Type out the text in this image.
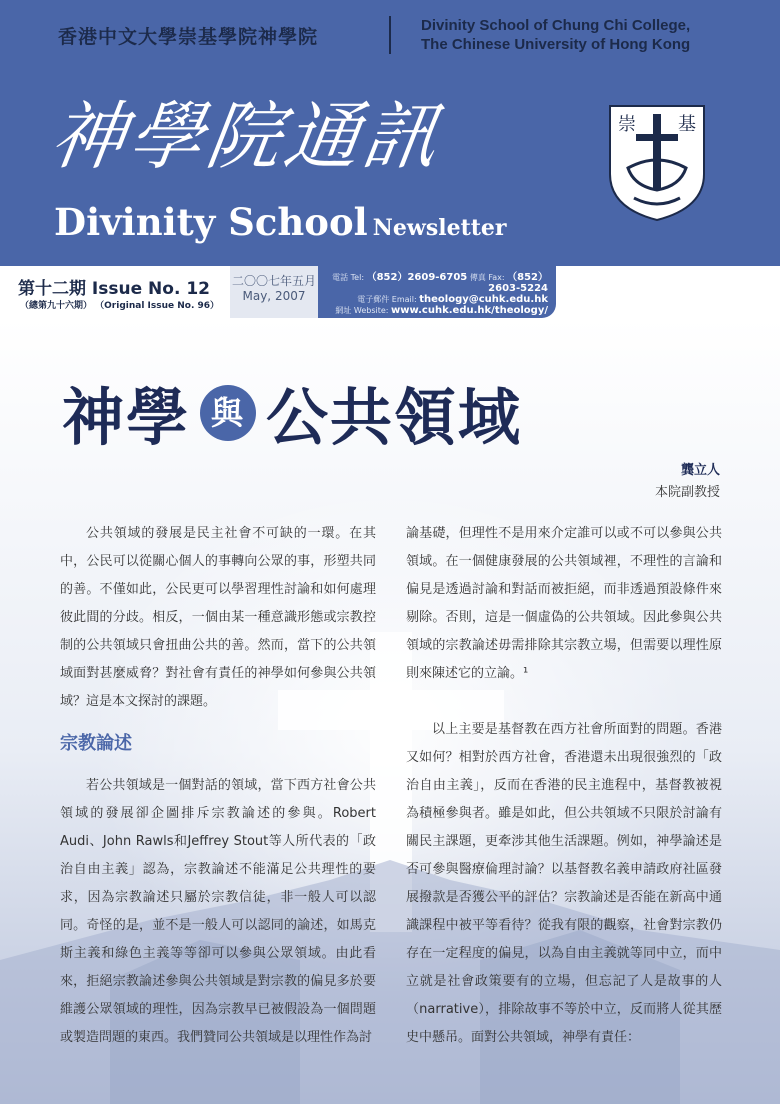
香港中文大學崇基學院神學院
Divinity School of Chung Chi College,
The Chinese University of Hong Kong
神學院通訊
Divinity School Newsletter
崇 基
第十二期 Issue No. 12
（總第九十六期） （Original Issue No. 96）
二〇〇七年五月
May, 2007
電話 Tel: （852）2609-6705 傳真 Fax: （852）2603-5224
電子郵件 Email: theology@cuhk.edu.hk
網址 Website: www.cuhk.edu.hk/theology/
神學 與 公共領域
龔立人
本院副教授

公共領域的發展是民主社會不可缺的一環。在其中，公民可以從關心個人的事轉向公眾的事，形塑共同的善。不僅如此，公民更可以學習理性討論和如何處理彼此間的分歧。相反，一個由某一種意識形態或宗教控制的公共領域只會扭曲公共的善。然而，當下的公共領域面對甚麼威脅？對社會有責任的神學如何參與公共領域？這是本文探討的課題。

宗教論述

若公共領域是一個對話的領域，當下西方社會公共領域的發展卻企圖排斥宗教論述的參與。Robert Audi、John Rawls和Jeffrey Stout等人所代表的「政治自由主義」認為，宗教論述不能滿足公共理性的要求，因為宗教論述只屬於宗教信徒，非一般人可以認同。奇怪的是，並不是一般人可以認同的論述，如馬克斯主義和綠色主義等等卻可以參與公眾領域。由此看來，拒絕宗教論述參與公共領域是對宗教的偏見多於要維護公眾領域的理性，因為宗教早已被假設為一個問題或製造問題的東西。我們贊同公共領域是以理性作為討

論基礎，但理性不是用來介定誰可以或不可以參與公共領域。在一個健康發展的公共領域裡，不理性的言論和偏見是透過討論和對話而被拒絕，而非透過預設條件來剔除。否則，這是一個虛偽的公共領域。因此參與公共領域的宗教論述毋需排除其宗教立場，但需要以理性原則來陳述它的立論。¹

以上主要是基督教在西方社會所面對的問題。香港又如何？相對於西方社會，香港還未出現很強烈的「政治自由主義」，反而在香港的民主進程中，基督教被視為積極參與者。雖是如此，但公共領域不只限於討論有關民主課題，更牽涉其他生活課題。例如，神學論述是否可參與醫療倫理討論？以基督教名義申請政府社區發展撥款是否獲公平的評估？宗教論述是否能在新高中通識課程中被平等看待？從我有限的觀察，社會對宗教仍存在一定程度的偏見，以為自由主義就等同中立，而中立就是社會政策要有的立場，但忘記了人是故事的人（narrative），排除故事不等於中立，反而將人從其歷史中懸吊。面對公共領域，神學有責任：
